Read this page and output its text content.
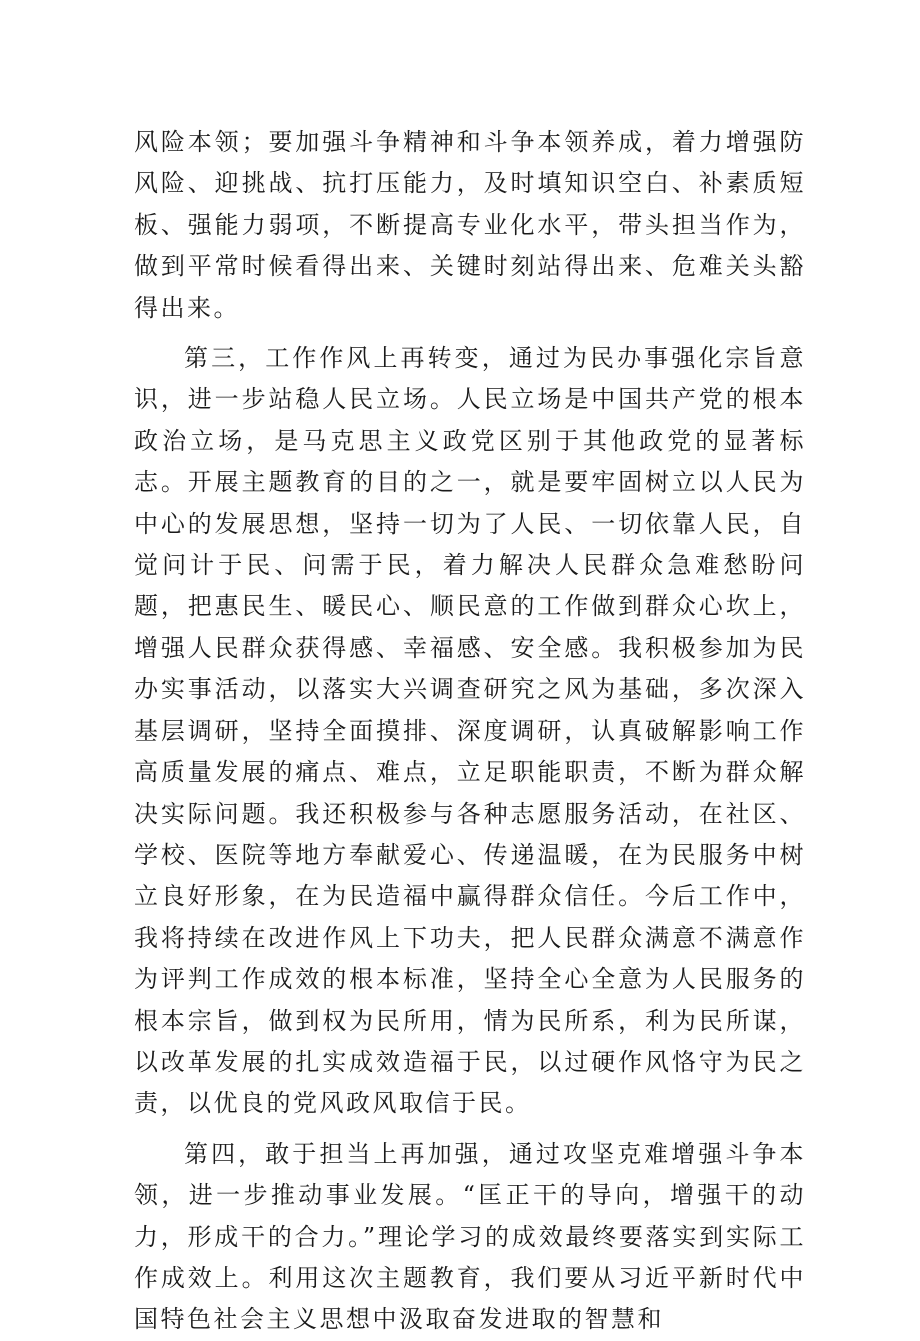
风险本领；要加强斗争精神和斗争本领养成，着力增强防风险、迎挑战、抗打压能力，及时填知识空白、补素质短板、强能力弱项，不断提高专业化水平，带头担当作为，做到平常时候看得出来、关键时刻站得出来、危难关头豁得出来。

第三，工作作风上再转变，通过为民办事强化宗旨意识，进一步站稳人民立场。人民立场是中国共产党的根本政治立场，是马克思主义政党区别于其他政党的显著标志。开展主题教育的目的之一，就是要牢固树立以人民为中心的发展思想，坚持一切为了人民、一切依靠人民，自觉问计于民、问需于民，着力解决人民群众急难愁盼问题，把惠民生、暖民心、顺民意的工作做到群众心坎上，增强人民群众获得感、幸福感、安全感。我积极参加为民办实事活动，以落实大兴调查研究之风为基础，多次深入基层调研，坚持全面摸排、深度调研，认真破解影响工作高质量发展的痛点、难点，立足职能职责，不断为群众解决实际问题。我还积极参与各种志愿服务活动，在社区、学校、医院等地方奉献爱心、传递温暖，在为民服务中树立良好形象，在为民造福中赢得群众信任。今后工作中，我将持续在改进作风上下功夫，把人民群众满意不满意作为评判工作成效的根本标准，坚持全心全意为人民服务的根本宗旨，做到权为民所用，情为民所系，利为民所谋，以改革发展的扎实成效造福于民，以过硬作风恪守为民之责，以优良的党风政风取信于民。

第四，敢于担当上再加强，通过攻坚克难增强斗争本领，进一步推动事业发展。“匡正干的导向，增强干的动力，形成干的合力。”理论学习的成效最终要落实到实际工作成效上。利用这次主题教育，我们要从习近平新时代中国特色社会主义思想中汲取奋发进取的智慧和
